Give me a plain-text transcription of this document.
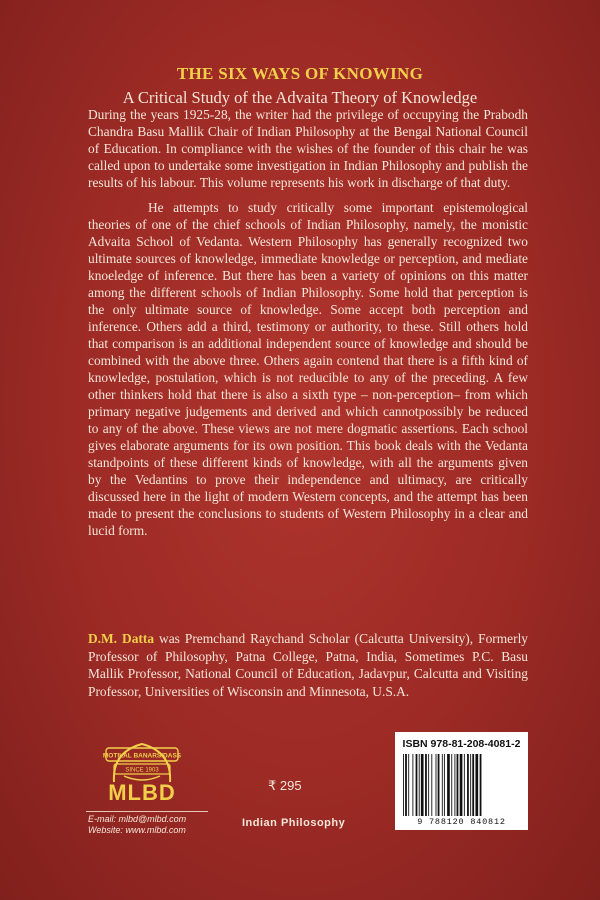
THE SIX WAYS OF KNOWING
A Critical Study of the Advaita Theory of Knowledge

During the years 1925-28, the writer had the privilege of occupying the Prabodh Chandra Basu Mallik Chair of Indian Philosophy at the Bengal National Council of Education. In compliance with the wishes of the founder of this chair he was called upon to undertake some investigation in Indian Philosophy and publish the results of his labour. This volume represents his work in discharge of that duty.

He attempts to study critically some important epistemological theories of one of the chief schools of Indian Philosophy, namely, the monistic Advaita School of Vedanta. Western Philosophy has generally recognized two ultimate sources of knowledge, immediate knowledge or perception, and mediate knoeledge of inference. But there has been a variety of opinions on this matter among the different schools of Indian Philosophy. Some hold that perception is the only ultimate source of knowledge. Some accept both perception and inference. Others add a third, testimony or authority, to these. Still others hold that comparison is an additional independent source of knowledge and should be combined with the above three. Others again contend that there is a fifth kind of knowledge, postulation, which is not reducible to any of the preceding. A few other thinkers hold that there is also a sixth type – non-perception– from which primary negative judgements and derived and which cannotpossibly be reduced to any of the above. These views are not mere dogmatic assertions. Each school gives elaborate arguments for its own position. This book deals with the Vedanta standpoints of these different kinds of knowledge, with all the arguments given by the Vedantins to prove their independence and ultimacy, are critically discussed here in the light of modern Western concepts, and the attempt has been made to present the conclusions to students of Western Philosophy in a clear and lucid form.

D.M. Datta was Premchand Raychand Scholar (Calcutta University), Formerly Professor of Philosophy, Patna College, Patna, India, Sometimes P.C. Basu Mallik Professor, National Council of Education, Jadavpur, Calcutta and Visiting Professor, Universities of Wisconsin and Minnesota, U.S.A.
MOTILAL BANARSIDASS
SINCE 1903
MLBD
E-mail: mlbd@mlbd.com
Website: www.mlbd.com
₹ 295
Indian Philosophy
ISBN 978-81-208-4081-2
9 788120 840812
